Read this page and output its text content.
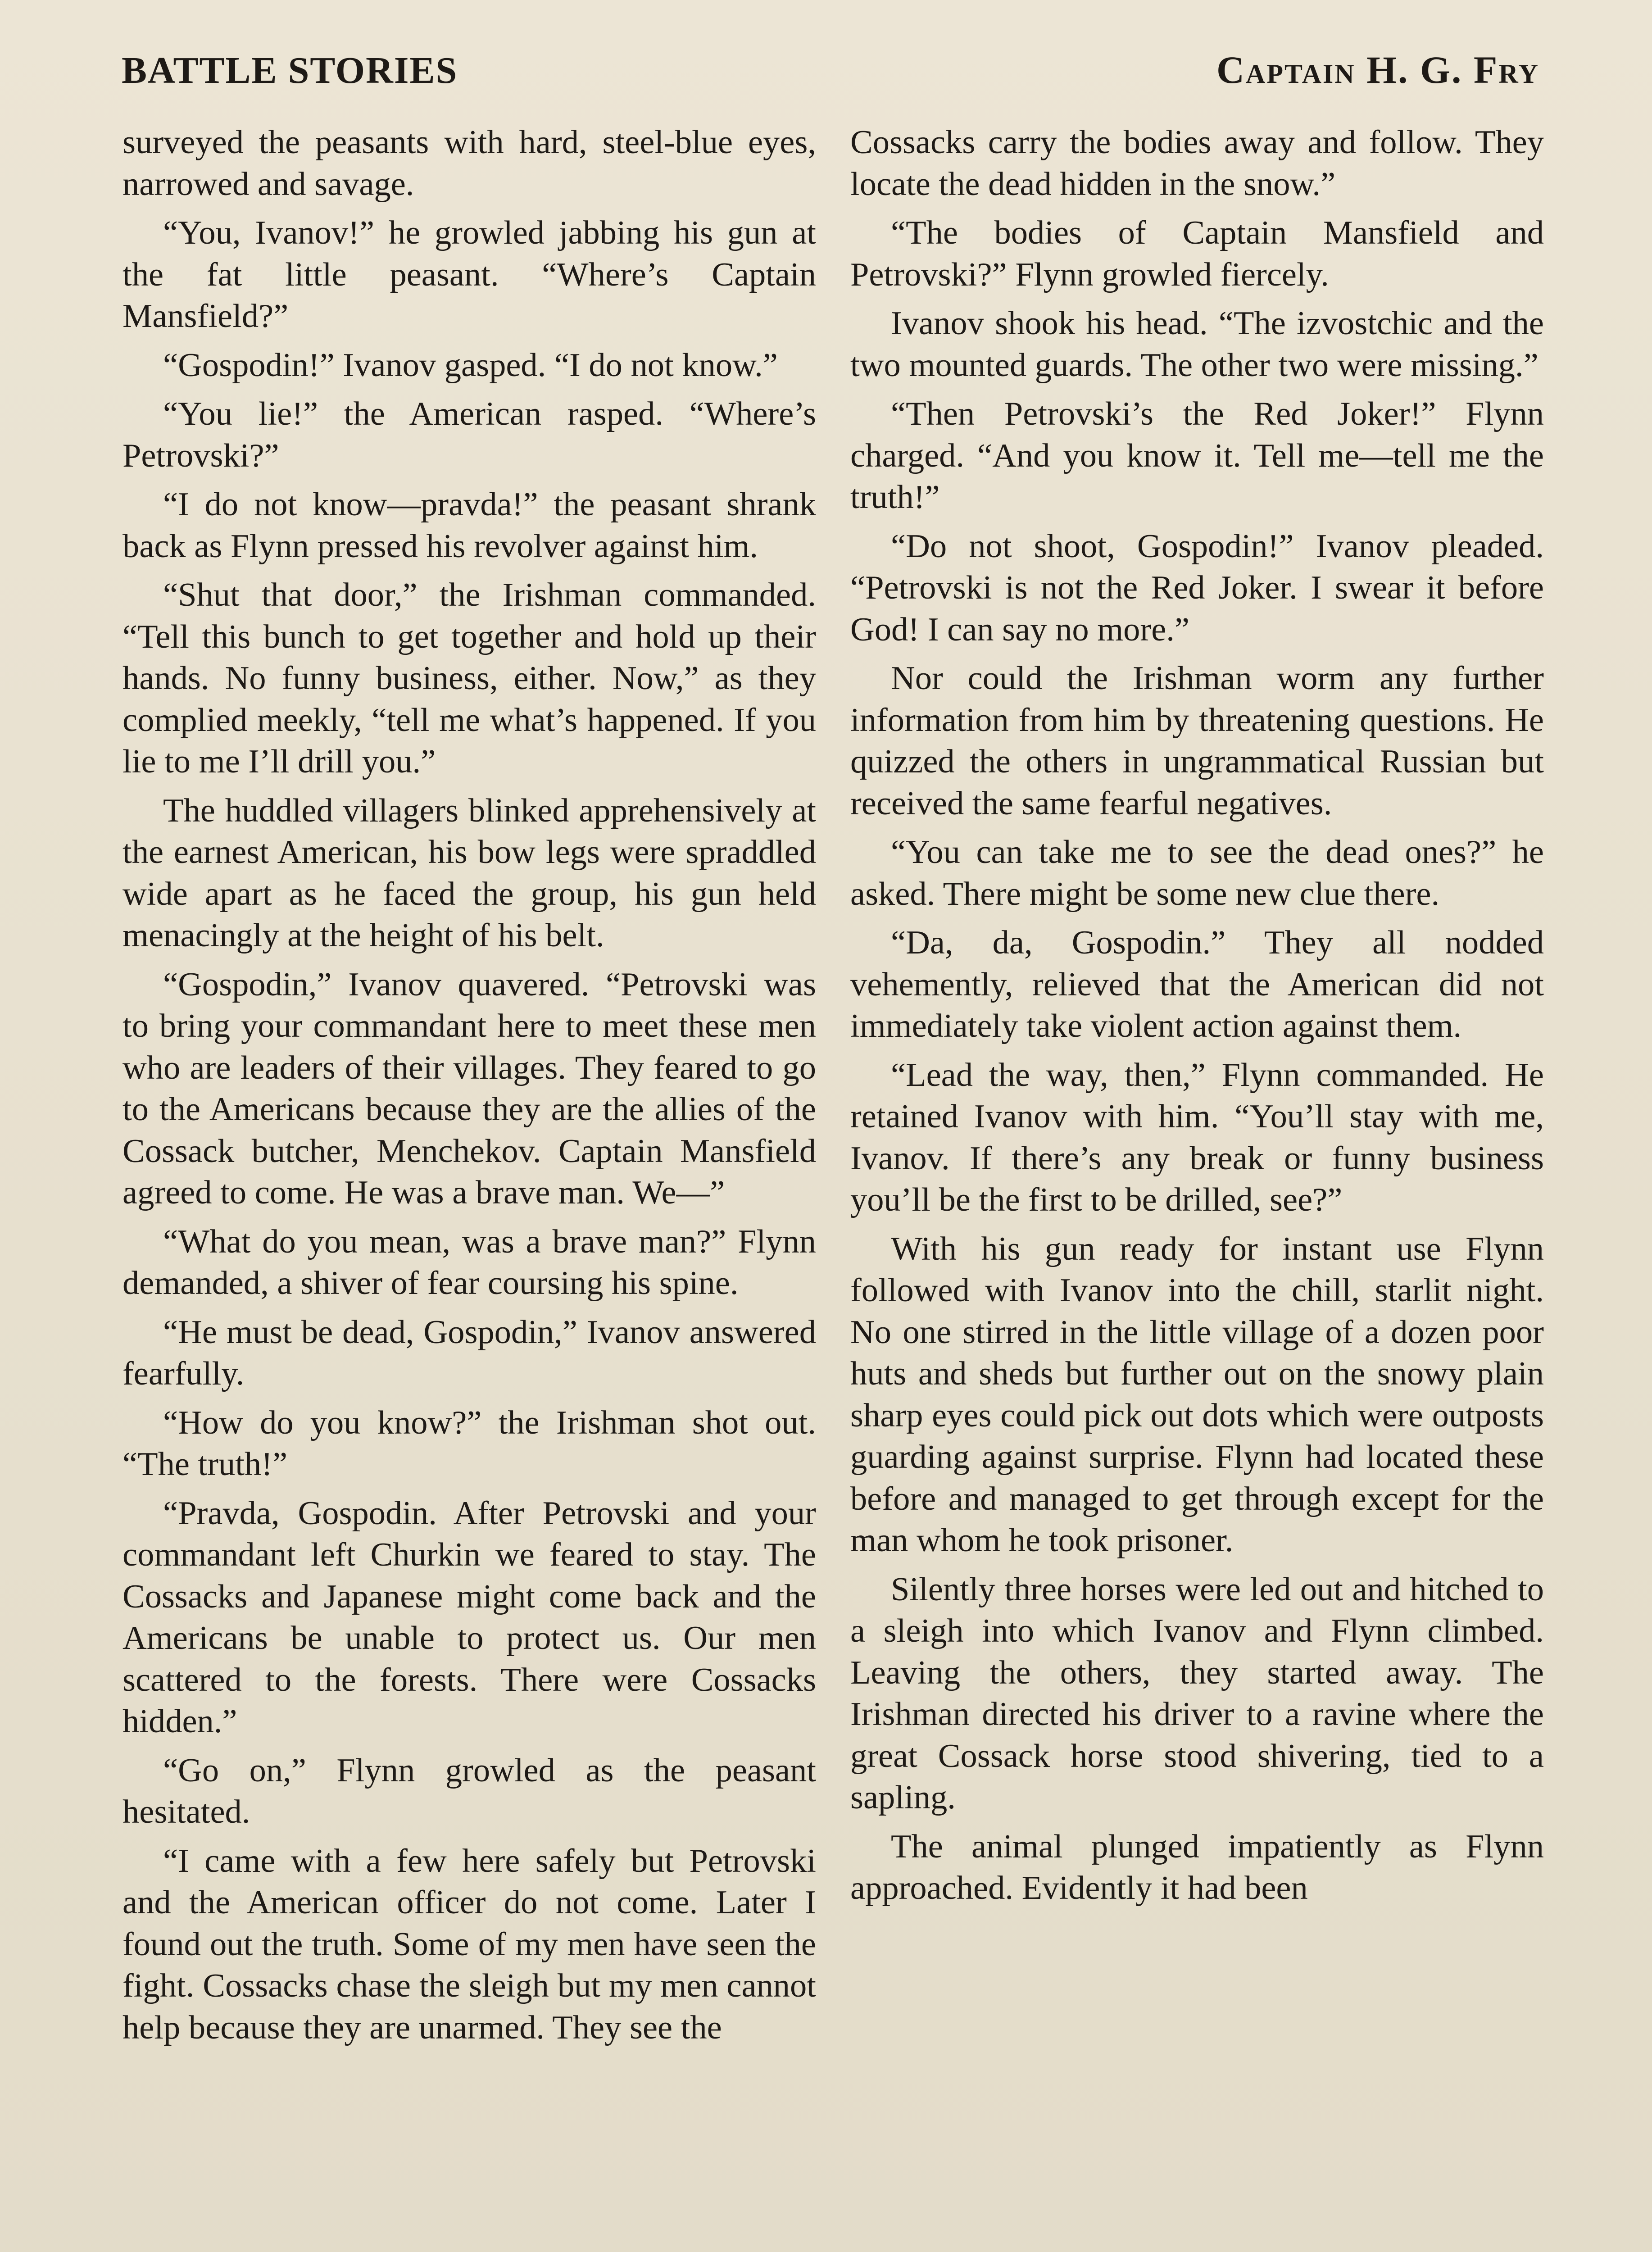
BATTLE STORIES	Captain H. G. Fry

surveyed the peasants with hard, steel-blue eyes, narrowed and savage.

“You, Ivanov!” he growled jabbing his gun at the fat little peasant. “Where’s Captain Mansfield?”

“Gospodin!” Ivanov gasped. “I do not know.”

“You lie!” the American rasped. “Where’s Petrovski?”

“I do not know—pravda!” the peasant shrank back as Flynn pressed his revolver against him.

“Shut that door,” the Irishman commanded. “Tell this bunch to get together and hold up their hands. No funny business, either. Now,” as they complied meekly, “tell me what’s happened. If you lie to me I’ll drill you.”

The huddled villagers blinked apprehensively at the earnest American, his bow legs were spraddled wide apart as he faced the group, his gun held menacingly at the height of his belt.

“Gospodin,” Ivanov quavered. “Petrovski was to bring your commandant here to meet these men who are leaders of their villages. They feared to go to the Americans because they are the allies of the Cossack butcher, Menchekov. Captain Mansfield agreed to come. He was a brave man. We—”

“What do you mean, was a brave man?” Flynn demanded, a shiver of fear coursing his spine.

“He must be dead, Gospodin,” Ivanov answered fearfully.

“How do you know?” the Irishman shot out. “The truth!”

“Pravda, Gospodin. After Petrovski and your commandant left Churkin we feared to stay. The Cossacks and Japanese might come back and the Americans be unable to protect us. Our men scattered to the forests. There were Cossacks hidden.”

“Go on,” Flynn growled as the peasant hesitated.

“I came with a few here safely but Petrovski and the American officer do not come. Later I found out the truth. Some of my men have seen the fight. Cossacks chase the sleigh but my men cannot help because they are unarmed. They see the

Cossacks carry the bodies away and follow. They locate the dead hidden in the snow.”

“The bodies of Captain Mansfield and Petrovski?” Flynn growled fiercely.

Ivanov shook his head. “The izvostchic and the two mounted guards. The other two were missing.”

“Then Petrovski’s the Red Joker!” Flynn charged. “And you know it. Tell me—tell me the truth!”

“Do not shoot, Gospodin!” Ivanov pleaded. “Petrovski is not the Red Joker. I swear it before God! I can say no more.”

Nor could the Irishman worm any further information from him by threatening questions. He quizzed the others in ungrammatical Russian but received the same fearful negatives.

“You can take me to see the dead ones?” he asked. There might be some new clue there.

“Da, da, Gospodin.” They all nodded vehemently, relieved that the American did not immediately take violent action against them.

“Lead the way, then,” Flynn commanded. He retained Ivanov with him. “You’ll stay with me, Ivanov. If there’s any break or funny business you’ll be the first to be drilled, see?”

With his gun ready for instant use Flynn followed with Ivanov into the chill, starlit night. No one stirred in the little village of a dozen poor huts and sheds but further out on the snowy plain sharp eyes could pick out dots which were outposts guarding against surprise. Flynn had located these before and managed to get through except for the man whom he took prisoner.

Silently three horses were led out and hitched to a sleigh into which Ivanov and Flynn climbed. Leaving the others, they started away. The Irishman directed his driver to a ravine where the great Cossack horse stood shivering, tied to a sapling.

The animal plunged impatiently as Flynn approached. Evidently it had been
